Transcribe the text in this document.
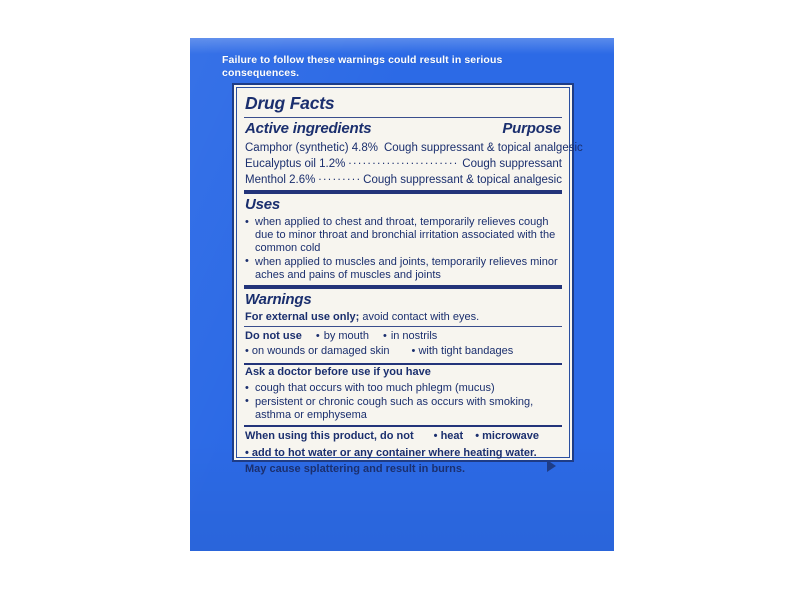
Failure to follow these warnings could result in serious consequences.
Drug Facts
Active ingredients	Purpose
Camphor (synthetic) 4.8% Cough suppressant & topical analgesic
Eucalyptus oil 1.2% .....	Cough suppressant
Menthol 2.6% .....	Cough suppressant & topical analgesic
Uses
• when applied to chest and throat, temporarily relieves cough due to minor throat and bronchial irritation associated with the common cold
• when applied to muscles and joints, temporarily relieves minor aches and pains of muscles and joints
Warnings
For external use only; avoid contact with eyes.
Do not use • by mouth • in nostrils
• on wounds or damaged skin • with tight bandages
Ask a doctor before use if you have
• cough that occurs with too much phlegm (mucus)
• persistent or chronic cough such as occurs with smoking, asthma or emphysema
When using this product, do not • heat • microwave
• add to hot water or any container where heating water.
May cause splattering and result in burns.
